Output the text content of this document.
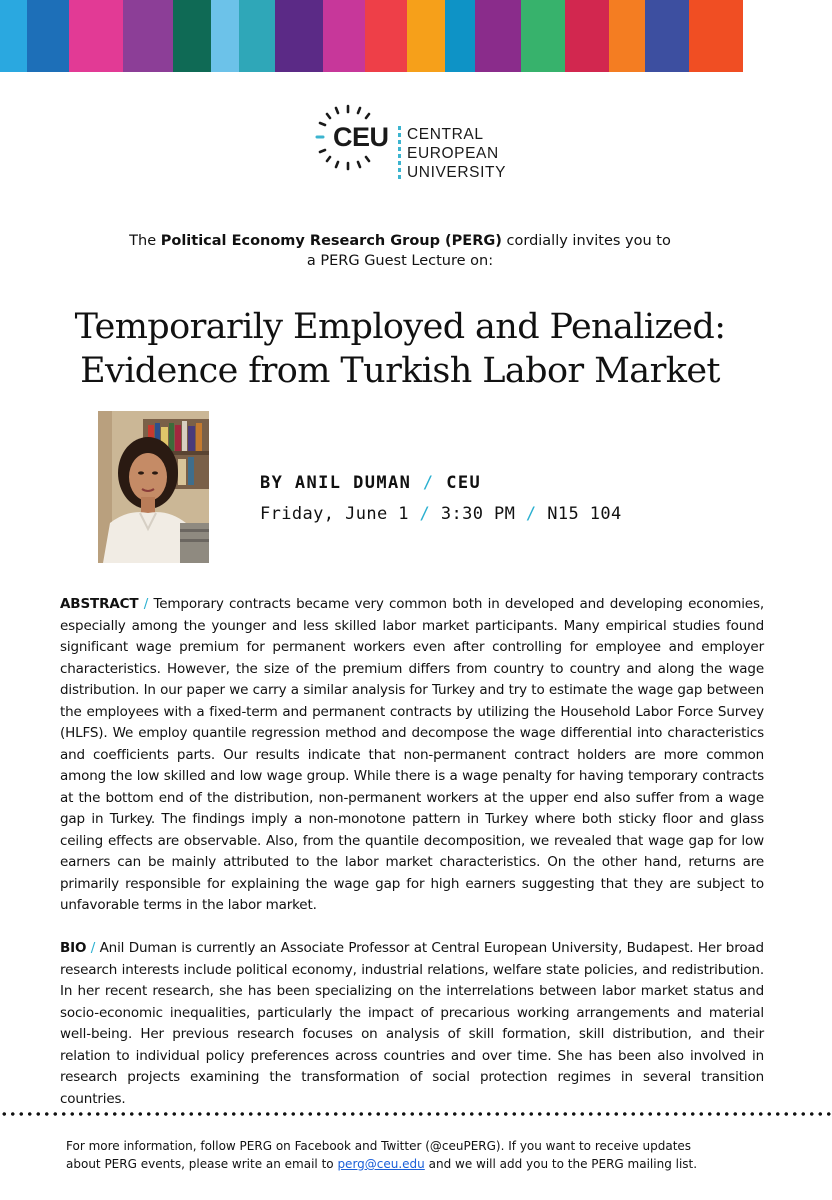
CEU CENTRAL
EUROPEAN
UNIVERSITY
The Political Economy Research Group (PERG) cordially invites you to
a PERG Guest Lecture on:
Temporarily Employed and Penalized:
Evidence from Turkish Labor Market
BY ANIL DUMAN / CEU
Friday, June 1 / 3:30 PM / N15 104
ABSTRACT / Temporary contracts became very common both in developed and developing economies, especially among the younger and less skilled labor market participants. Many empirical studies found significant wage premium for permanent workers even after controlling for employee and employer characteristics. However, the size of the premium differs from country to country and along the wage distribution. In our paper we carry a similar analysis for Turkey and try to estimate the wage gap between the employees with a fixed-term and permanent contracts by utilizing the Household Labor Force Survey (HLFS). We employ quantile regression method and decompose the wage differential into characteristics and coefficients parts. Our results indicate that non-permanent contract holders are more common among the low skilled and low wage group. While there is a wage penalty for having temporary contracts at the bottom end of the distribution, non-permanent workers at the upper end also suffer from a wage gap in Turkey. The findings imply a non-monotone pattern in Turkey where both sticky floor and glass ceiling effects are observable. Also, from the quantile decomposition, we revealed that wage gap for low earners can be mainly attributed to the labor market characteristics. On the other hand, returns are primarily responsible for explaining the wage gap for high earners suggesting that they are subject to unfavorable terms in the labor market.
BIO / Anil Duman is currently an Associate Professor at Central European University, Budapest. Her broad research interests include political economy, industrial relations, welfare state policies, and redistribution. In her recent research, she has been specializing on the interrelations between labor market status and socio-economic inequalities, particularly the impact of precarious working arrangements and material well-being. Her previous research focuses on analysis of skill formation, skill distribution, and their relation to individual policy preferences across countries and over time. She has been also involved in research projects examining the transformation of social protection regimes in several transition countries.
For more information, follow PERG on Facebook and Twitter (@ceuPERG). If you want to receive updates
about PERG events, please write an email to perg@ceu.edu and we will add you to the PERG mailing list.
